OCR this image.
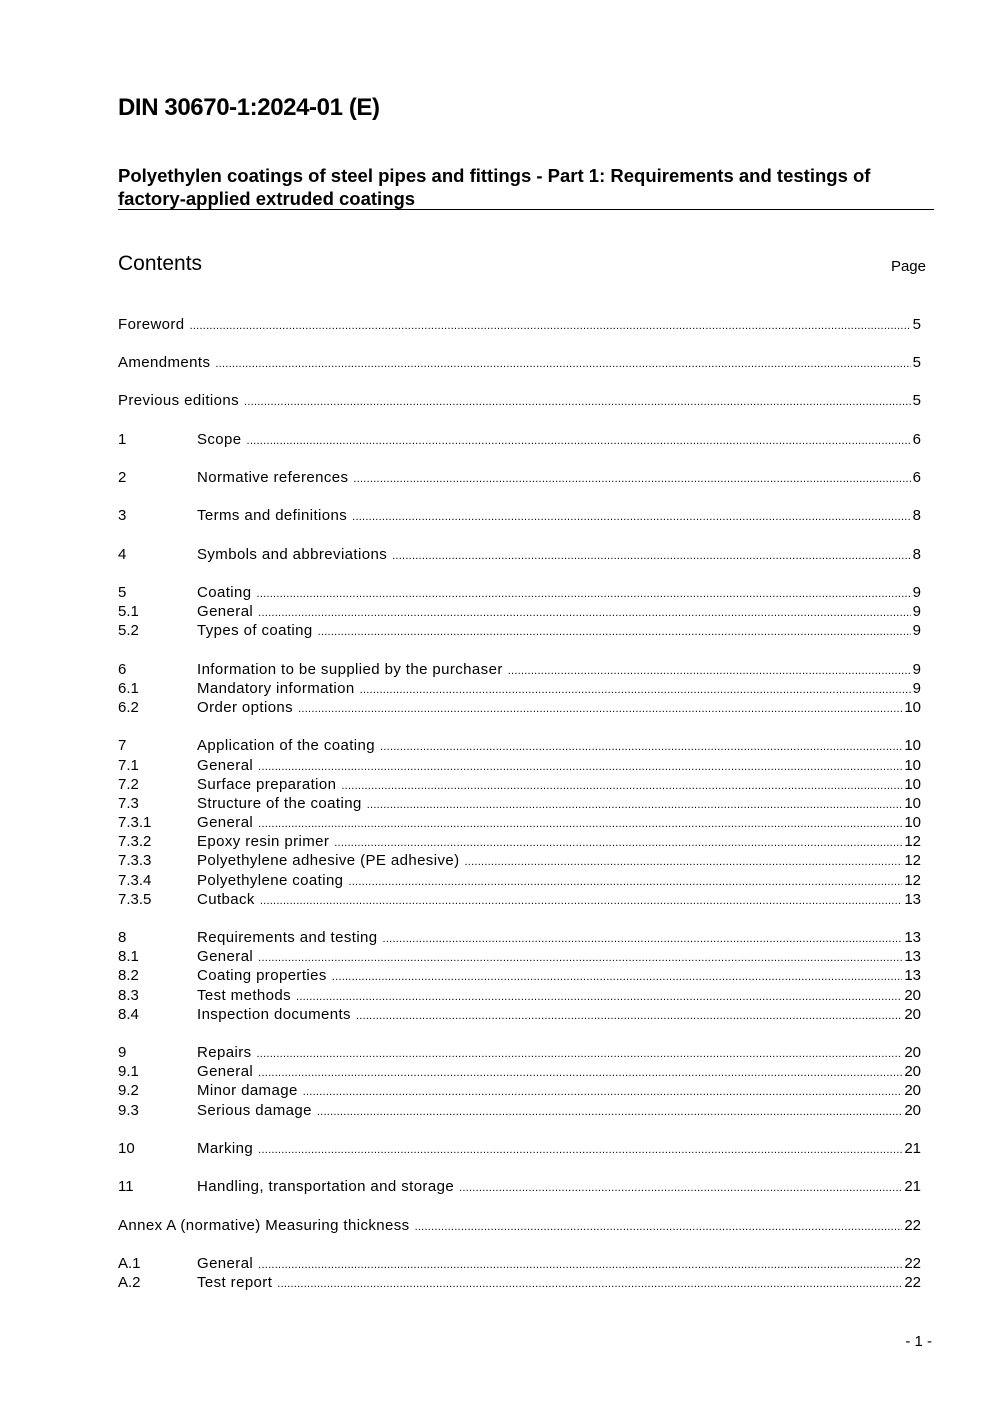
DIN 30670-1:2024-01 (E)
Polyethylen coatings of steel pipes and fittings - Part 1: Requirements and testings of factory-applied extruded coatings
Contents	Page
Foreword .....	5
Amendments .....	5
Previous editions .....	5
1	Scope .....	6
2	Normative references .....	6
3	Terms and definitions .....	8
4	Symbols and abbreviations .....	8
5	Coating .....	9
5.1	General .....	9
5.2	Types of coating .....	9
6	Information to be supplied by the purchaser .....	9
6.1	Mandatory information .....	9
6.2	Order options .....	10
7	Application of the coating .....	10
7.1	General .....	10
7.2	Surface preparation .....	10
7.3	Structure of the coating .....	10
7.3.1	General .....	10
7.3.2	Epoxy resin primer .....	12
7.3.3	Polyethylene adhesive (PE adhesive) .....	12
7.3.4	Polyethylene coating .....	12
7.3.5	Cutback .....	13
8	Requirements and testing .....	13
8.1	General .....	13
8.2	Coating properties .....	13
8.3	Test methods .....	20
8.4	Inspection documents .....	20
9	Repairs .....	20
9.1	General .....	20
9.2	Minor damage .....	20
9.3	Serious damage .....	20
10	Marking .....	21
11	Handling, transportation and storage .....	21
Annex A (normative) Measuring thickness .....	22
A.1	General .....	22
A.2	Test report .....	22
- 1 -
